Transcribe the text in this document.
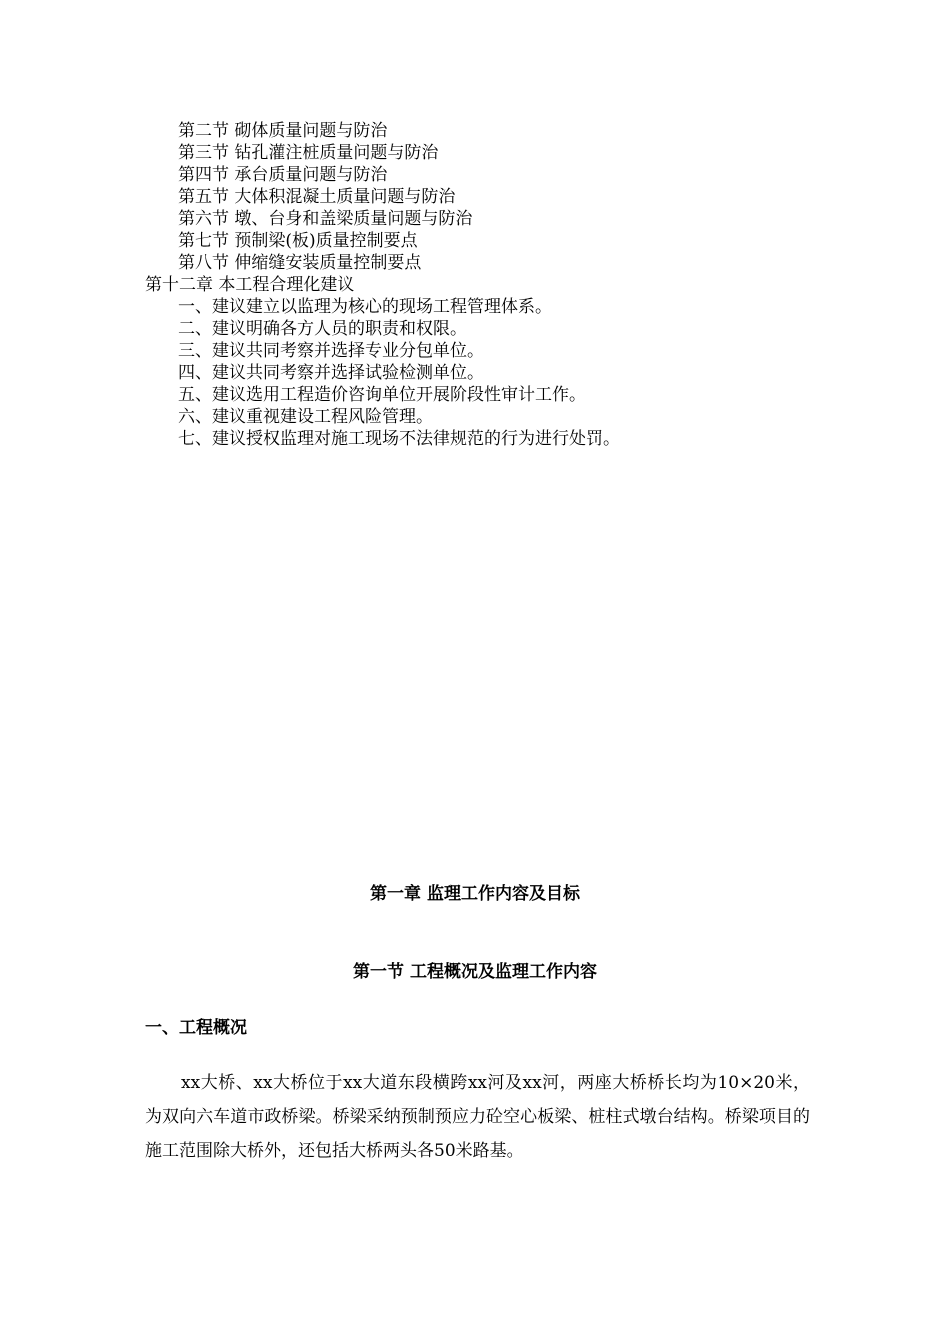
第二节 砌体质量问题与防治
第三节 钻孔灌注桩质量问题与防治
第四节 承台质量问题与防治
第五节 大体积混凝土质量问题与防治
第六节 墩、台身和盖梁质量问题与防治
第七节 预制梁(板)质量控制要点
第八节 伸缩缝安装质量控制要点
第十二章 本工程合理化建议
一、建议建立以监理为核心的现场工程管理体系。
二、建议明确各方人员的职责和权限。
三、建议共同考察并选择专业分包单位。
四、建议共同考察并选择试验检测单位。
五、建议选用工程造价咨询单位开展阶段性审计工作。
六、建议重视建设工程风险管理。
七、建议授权监理对施工现场不法律规范的行为进行处罚。
第一章 监理工作内容及目标
第一节 工程概况及监理工作内容
一、工程概况
xx大桥、xx大桥位于xx大道东段横跨xx河及xx河，两座大桥桥长均为10×20米，为双向六车道市政桥梁。桥梁采纳预制预应力砼空心板梁、桩柱式墩台结构。桥梁项目的施工范围除大桥外，还包括大桥两头各50米路基。
